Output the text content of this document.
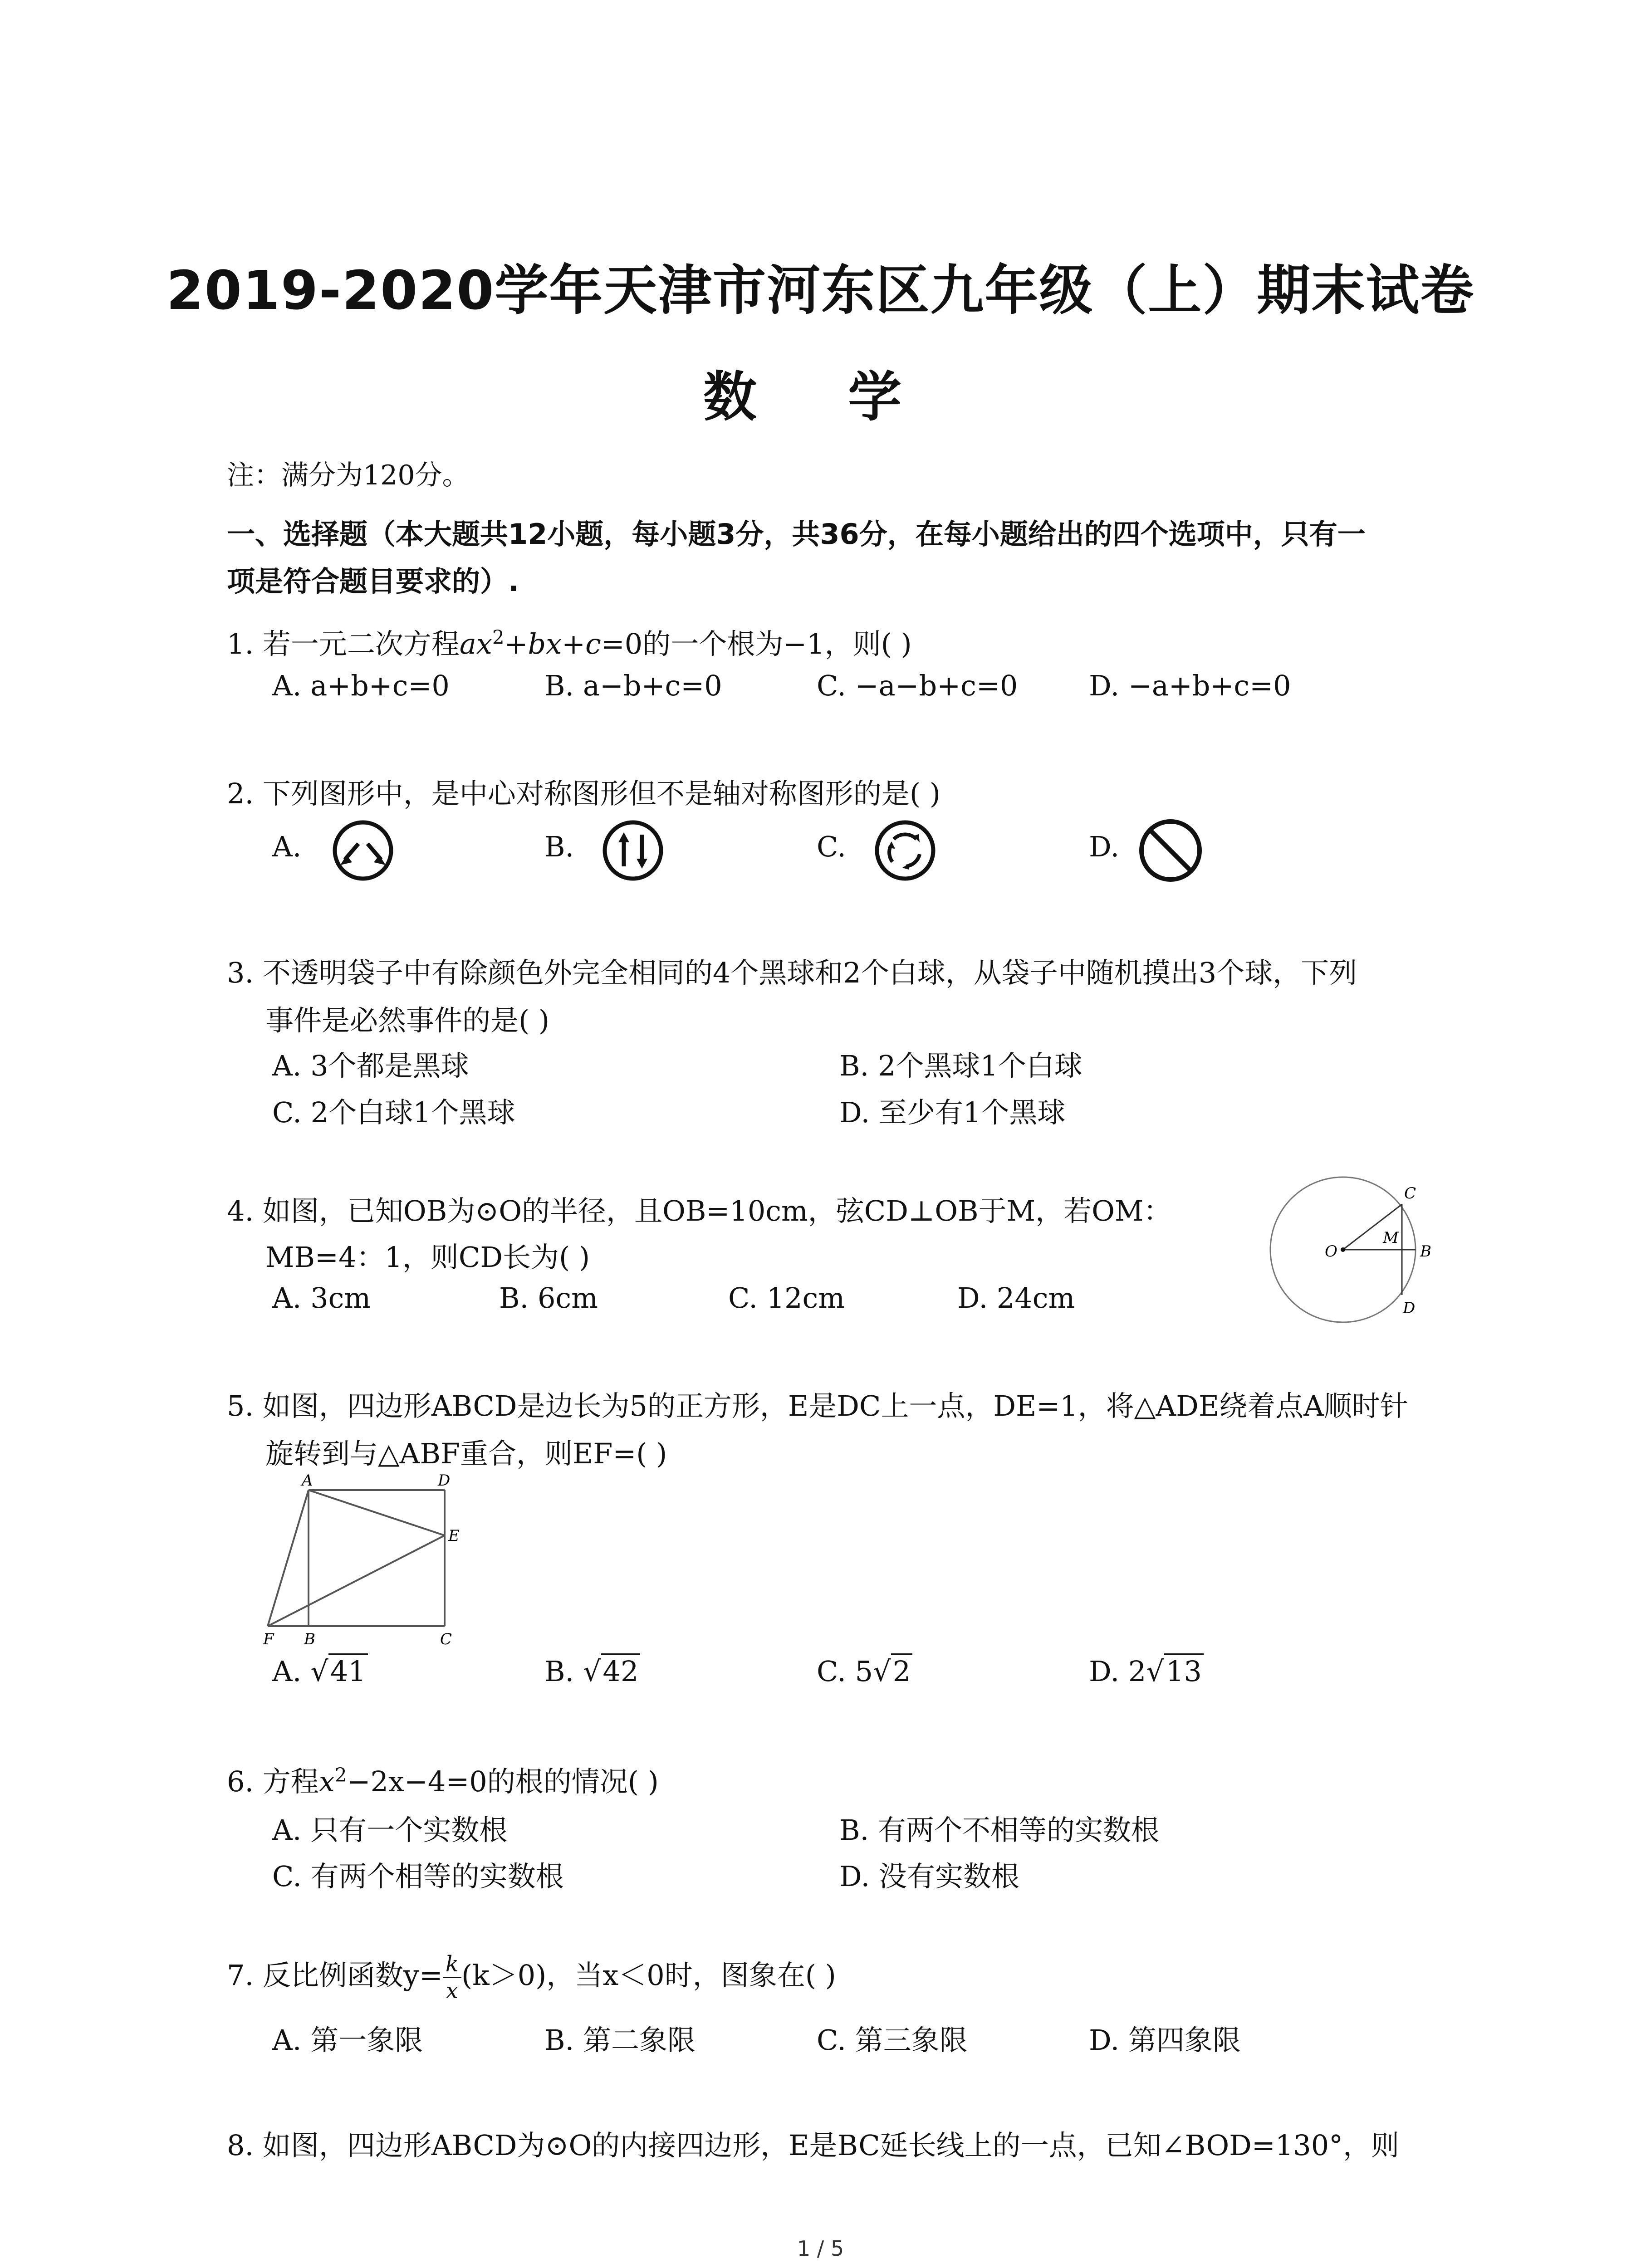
2019-2020学年天津市河东区九年级（上）期末试卷
数 学
注：满分为120分。
一、选择题（本大题共12小题，每小题3分，共36分，在每小题给出的四个选项中，只有一
项是符合题目要求的）.
1. 若一元二次方程$ax^2+bx+c=0$的一个根为−1，则( )
A. a+b+c=0	B. a−b+c=0	C. −a−b+c=0	D. −a+b+c=0
2. 下列图形中，是中心对称图形但不是轴对称图形的是( )
A.	B.	C.	D.
3. 不透明袋子中有除颜色外完全相同的4个黑球和2个白球，从袋子中随机摸出3个球，下列
事件是必然事件的是( )
A. 3个都是黑球	B. 2个黑球1个白球
C. 2个白球1个黑球	D. 至少有1个黑球
4. 如图，已知OB为⊙O的半径，且OB=10cm，弦CD⊥OB于M，若OM：
MB=4：1，则CD长为( )
A. 3cm	B. 6cm	C. 12cm	D. 24cm
C
M
O	B
D
5. 如图，四边形ABCD是边长为5的正方形，E是DC上一点，DE=1，将△ADE绕着点A顺时针
旋转到与△ABF重合，则EF=( )
A	D
E
F B	C
A. √41	B. √42	C. 5√2	D. 2√13
6. 方程$x^2-2x-4=0$的根的情况( )
A. 只有一个实数根	B. 有两个不相等的实数根
C. 有两个相等的实数根	D. 没有实数根
7. 反比例函数$y= \frac{k}{x} (k>0)$，当x＜0时，图象在( )
A. 第一象限	B. 第二象限	C. 第三象限	D. 第四象限
8. 如图，四边形ABCD为⊙O的内接四边形，E是BC延长线上的一点，已知∠BOD=130°，则
1 / 5
